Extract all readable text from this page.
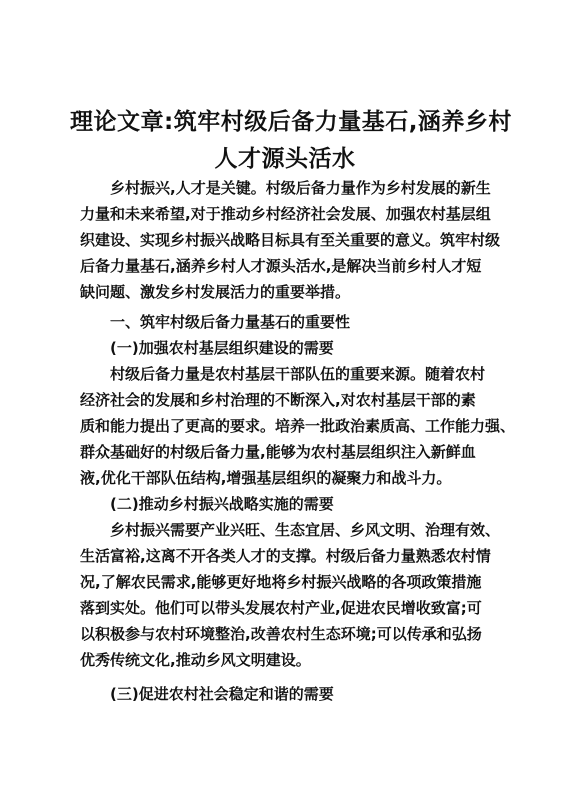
理论文章:筑牢村级后备力量基石,涵养乡村
人才源头活水
乡村振兴,人才是关键。村级后备力量作为乡村发展的新生
力量和未来希望,对于推动乡村经济社会发展、加强农村基层组
织建设、实现乡村振兴战略目标具有至关重要的意义。筑牢村级
后备力量基石,涵养乡村人才源头活水,是解决当前乡村人才短
缺问题、激发乡村发展活力的重要举措。
一、筑牢村级后备力量基石的重要性
(一)加强农村基层组织建设的需要
村级后备力量是农村基层干部队伍的重要来源。随着农村
经济社会的发展和乡村治理的不断深入,对农村基层干部的素
质和能力提出了更高的要求。培养一批政治素质高、工作能力强、
群众基础好的村级后备力量,能够为农村基层组织注入新鲜血
液,优化干部队伍结构,增强基层组织的凝聚力和战斗力。
(二)推动乡村振兴战略实施的需要
乡村振兴需要产业兴旺、生态宜居、乡风文明、治理有效、
生活富裕,这离不开各类人才的支撑。村级后备力量熟悉农村情
况,了解农民需求,能够更好地将乡村振兴战略的各项政策措施
落到实处。他们可以带头发展农村产业,促进农民增收致富;可
以积极参与农村环境整治,改善农村生态环境;可以传承和弘扬
优秀传统文化,推动乡风文明建设。
(三)促进农村社会稳定和谐的需要
